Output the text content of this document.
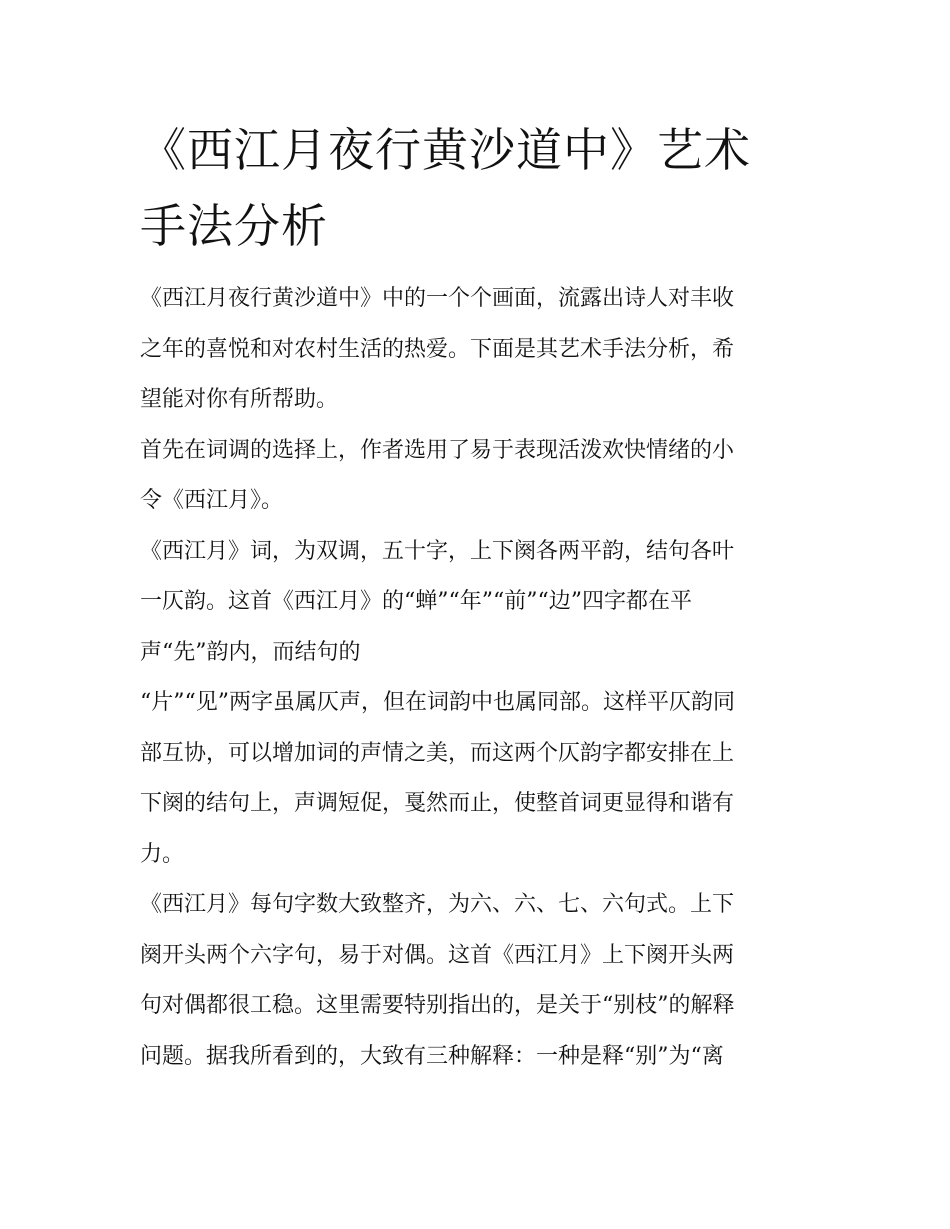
《西江月夜行黄沙道中》艺术
手法分析
《西江月夜行黄沙道中》中的一个个画面，流露出诗人对丰收
之年的喜悦和对农村生活的热爱。下面是其艺术手法分析，希
望能对你有所帮助。
首先在词调的选择上，作者选用了易于表现活泼欢快情绪的小
令《西江月》。
《西江月》词，为双调，五十字，上下阕各两平韵，结句各叶
一仄韵。这首《西江月》的“蝉”“年”“前”“边”四字都在平
声“先”韵内，而结句的
“片”“见”两字虽属仄声，但在词韵中也属同部。这样平仄韵同
部互协，可以增加词的声情之美，而这两个仄韵字都安排在上
下阕的结句上，声调短促，戛然而止，使整首词更显得和谐有
力。
《西江月》每句字数大致整齐，为六、六、七、六句式。上下
阕开头两个六字句，易于对偶。这首《西江月》上下阕开头两
句对偶都很工稳。这里需要特别指出的，是关于“别枝”的解释
问题。据我所看到的，大致有三种解释：一种是释“别”为“离
